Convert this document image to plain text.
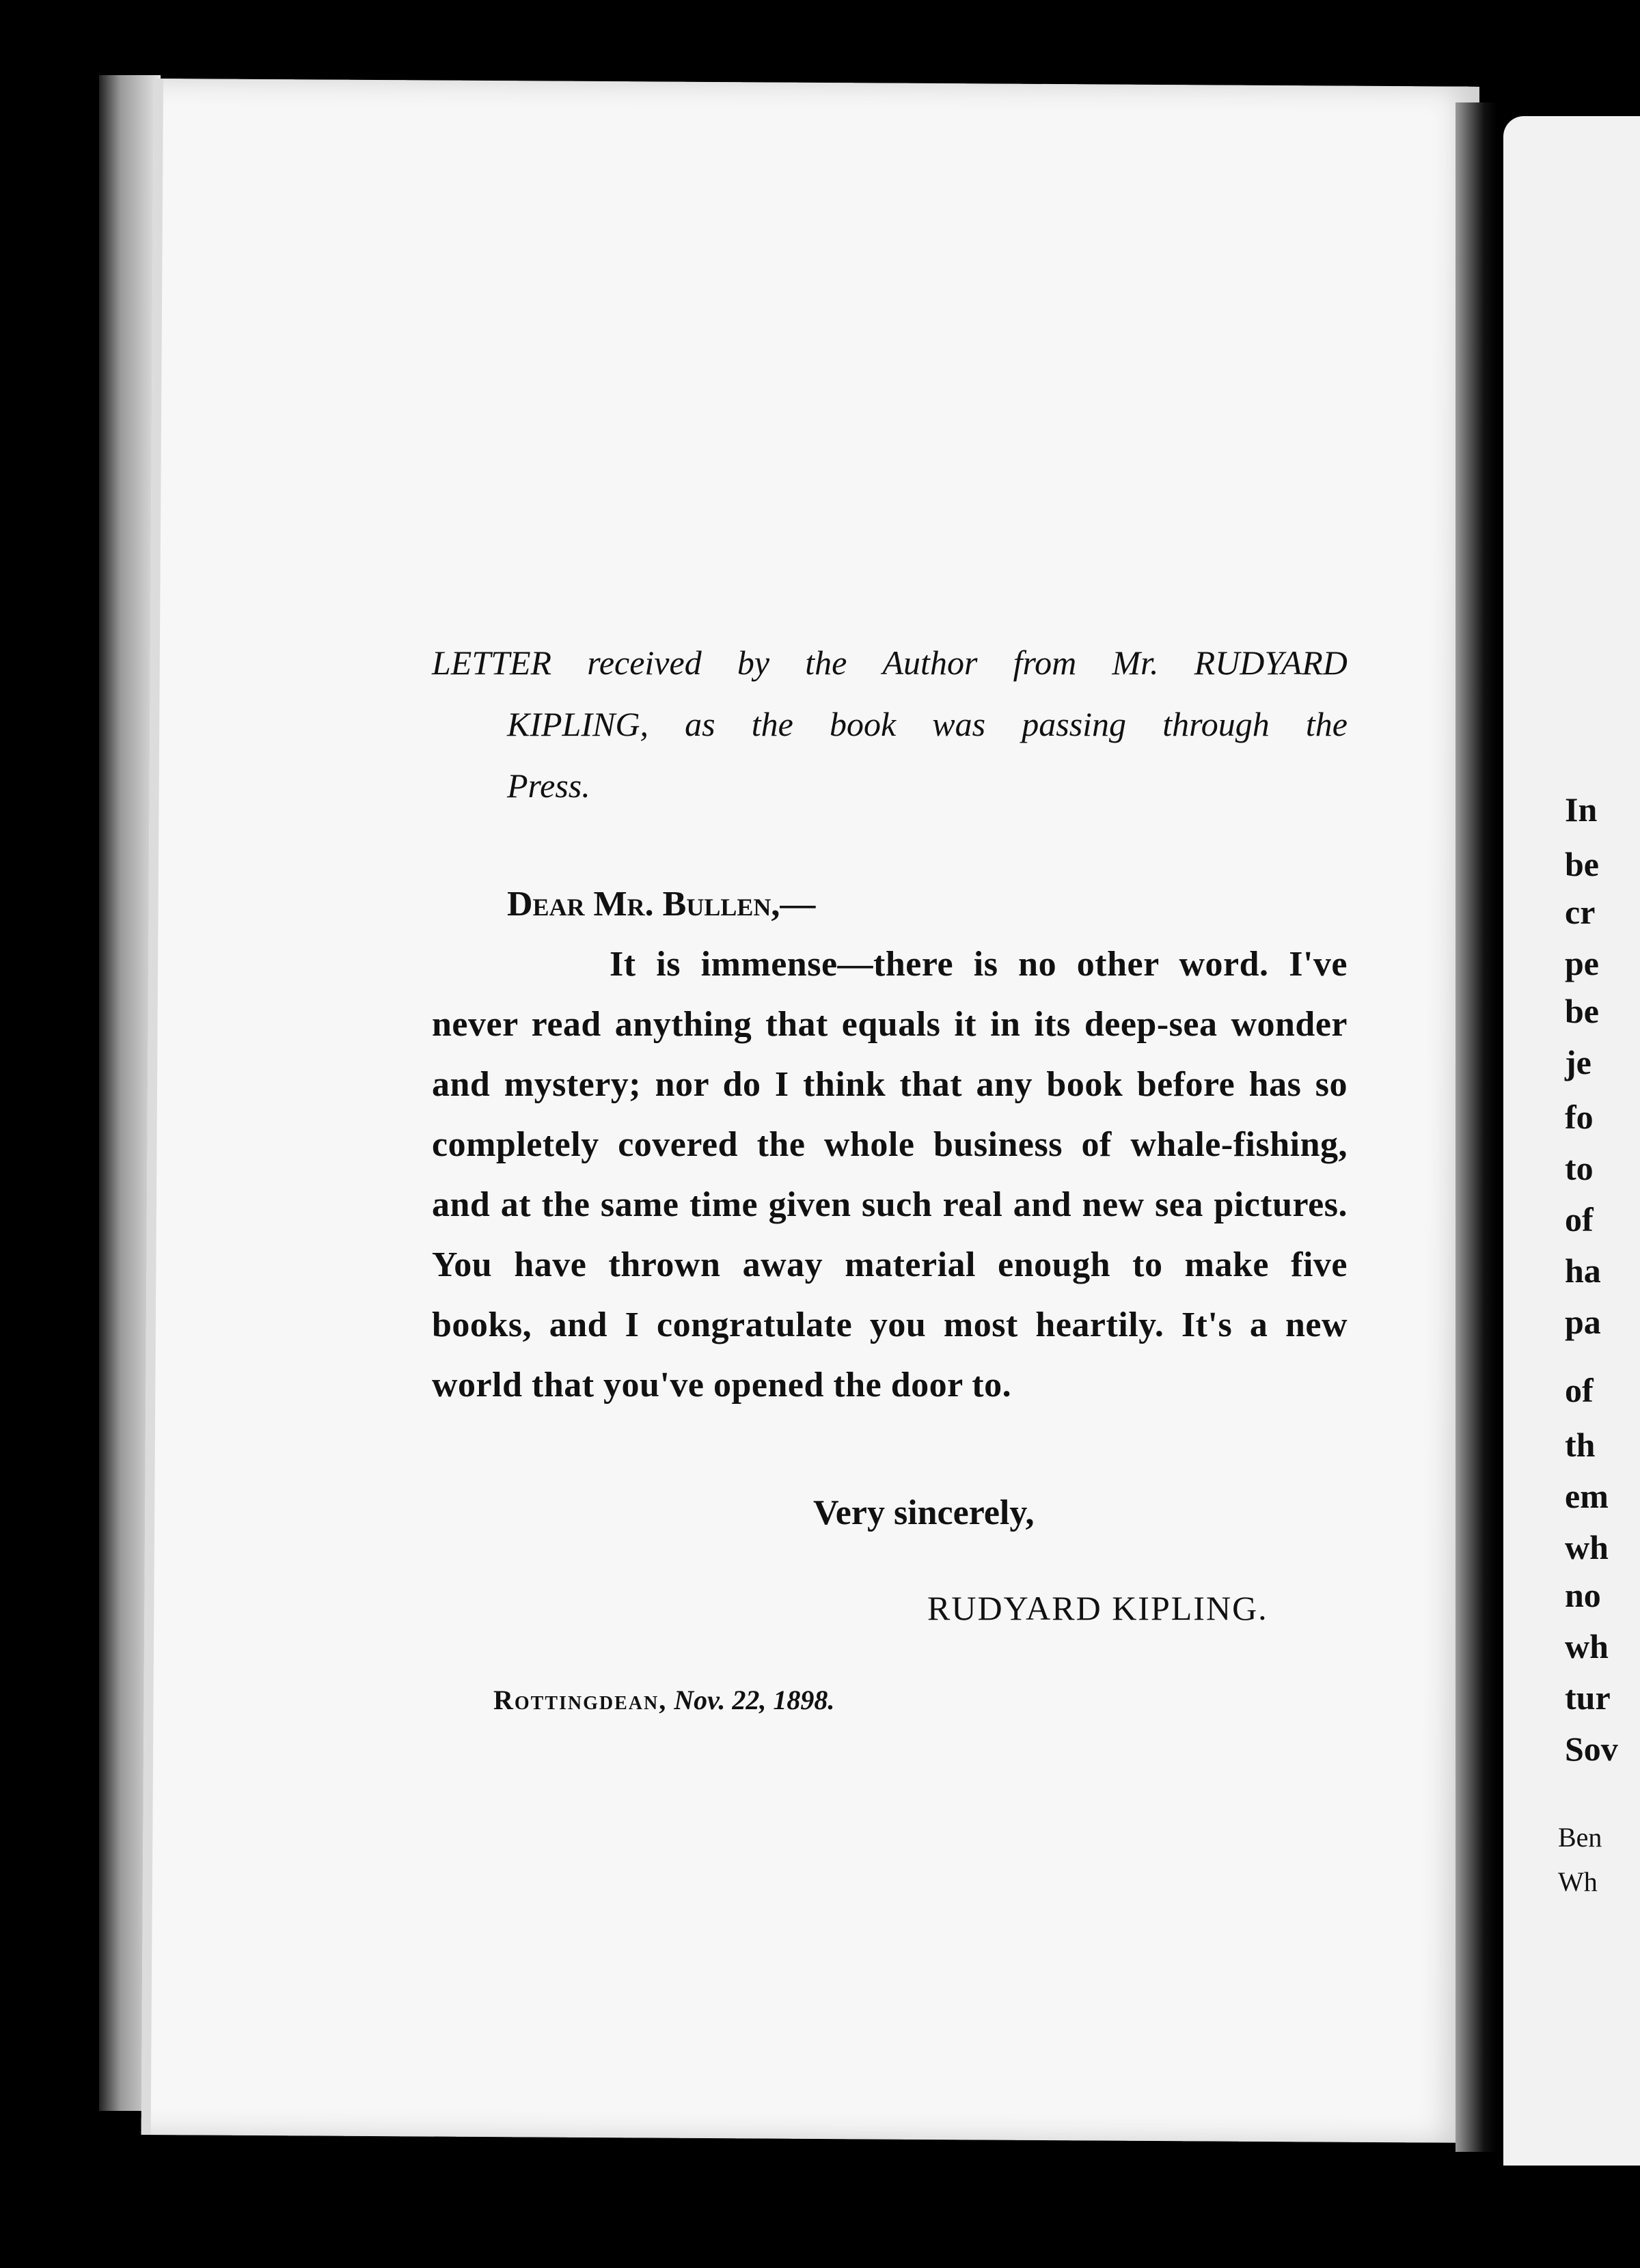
In
be
cr
pe
be
je
fo
to
of
ha
pa
of
th
em
wh
no
wh
tur
Sov
Ben
Wh
LETTER received by the Author from Mr. RUDYARD
KIPLING, as the book was passing through the
Press.
Dear Mr. Bullen,—

It is immense—there is no other word. I've never read anything that equals it in its deep-sea wonder and mystery; nor do I think that any book before has so completely covered the whole business of whale-fishing, and at the same time given such real and new sea pictures. You have thrown away material enough to make five books, and I congratulate you most heartily. It's a new world that you've opened the door to.

Very sincerely,
RUDYARD KIPLING.
Rottingdean, Nov. 22, 1898.
